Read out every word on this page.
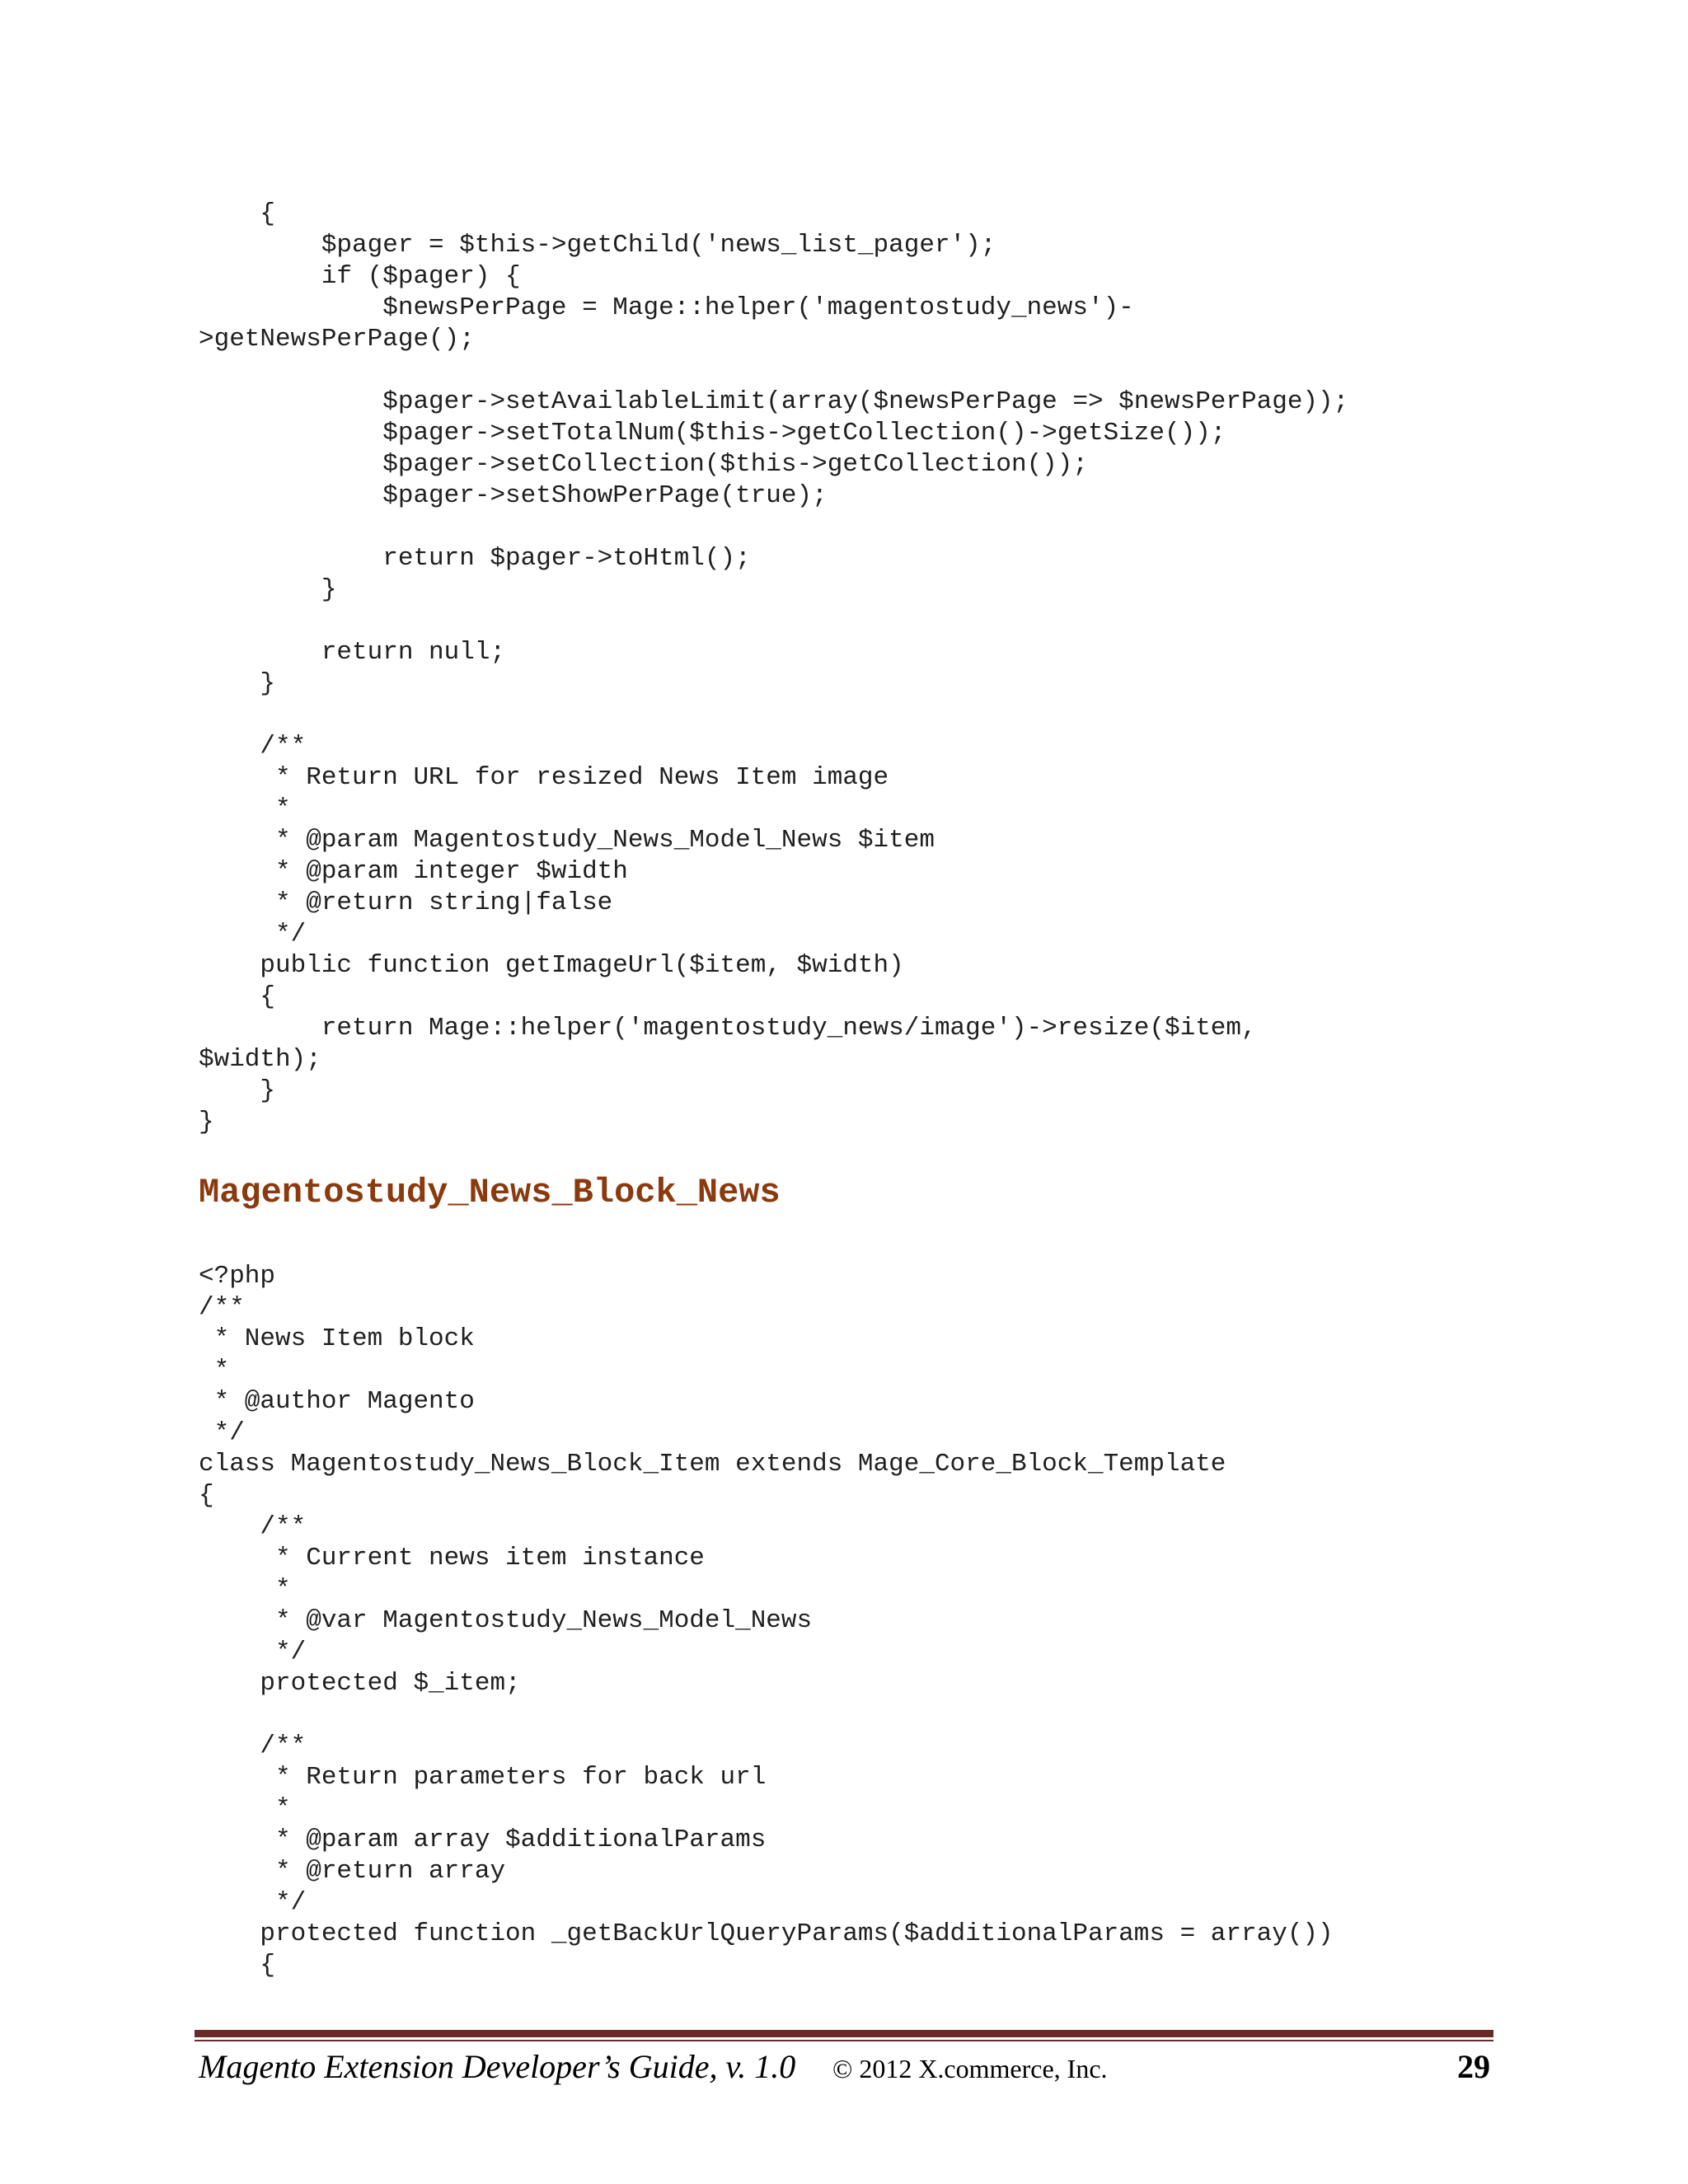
{
$pager = $this->getChild('news_list_pager');
if ($pager) {
$newsPerPage = Mage::helper('magentostudy_news')-
>getNewsPerPage();

$pager->setAvailableLimit(array($newsPerPage => $newsPerPage));
$pager->setTotalNum($this->getCollection()->getSize());
$pager->setCollection($this->getCollection());
$pager->setShowPerPage(true);

return $pager->toHtml();
}

return null;
}

/**
* Return URL for resized News Item image
*
* @param Magentostudy_News_Model_News $item
* @param integer $width
* @return string|false
*/
public function getImageUrl($item, $width)
{
return Mage::helper('magentostudy_news/image')->resize($item,
$width);
}
}
Magentostudy_News_Block_News
<?php
/**
* News Item block
*
* @author Magento
*/
class Magentostudy_News_Block_Item extends Mage_Core_Block_Template
{
/**
* Current news item instance
*
* @var Magentostudy_News_Model_News
*/
protected $_item;

/**
* Return parameters for back url
*
* @param array $additionalParams
* @return array
*/
protected function _getBackUrlQueryParams($additionalParams = array())
{
Magento Extension Developer’s Guide, v. 1.0 © 2012 X.commerce, Inc.	29
